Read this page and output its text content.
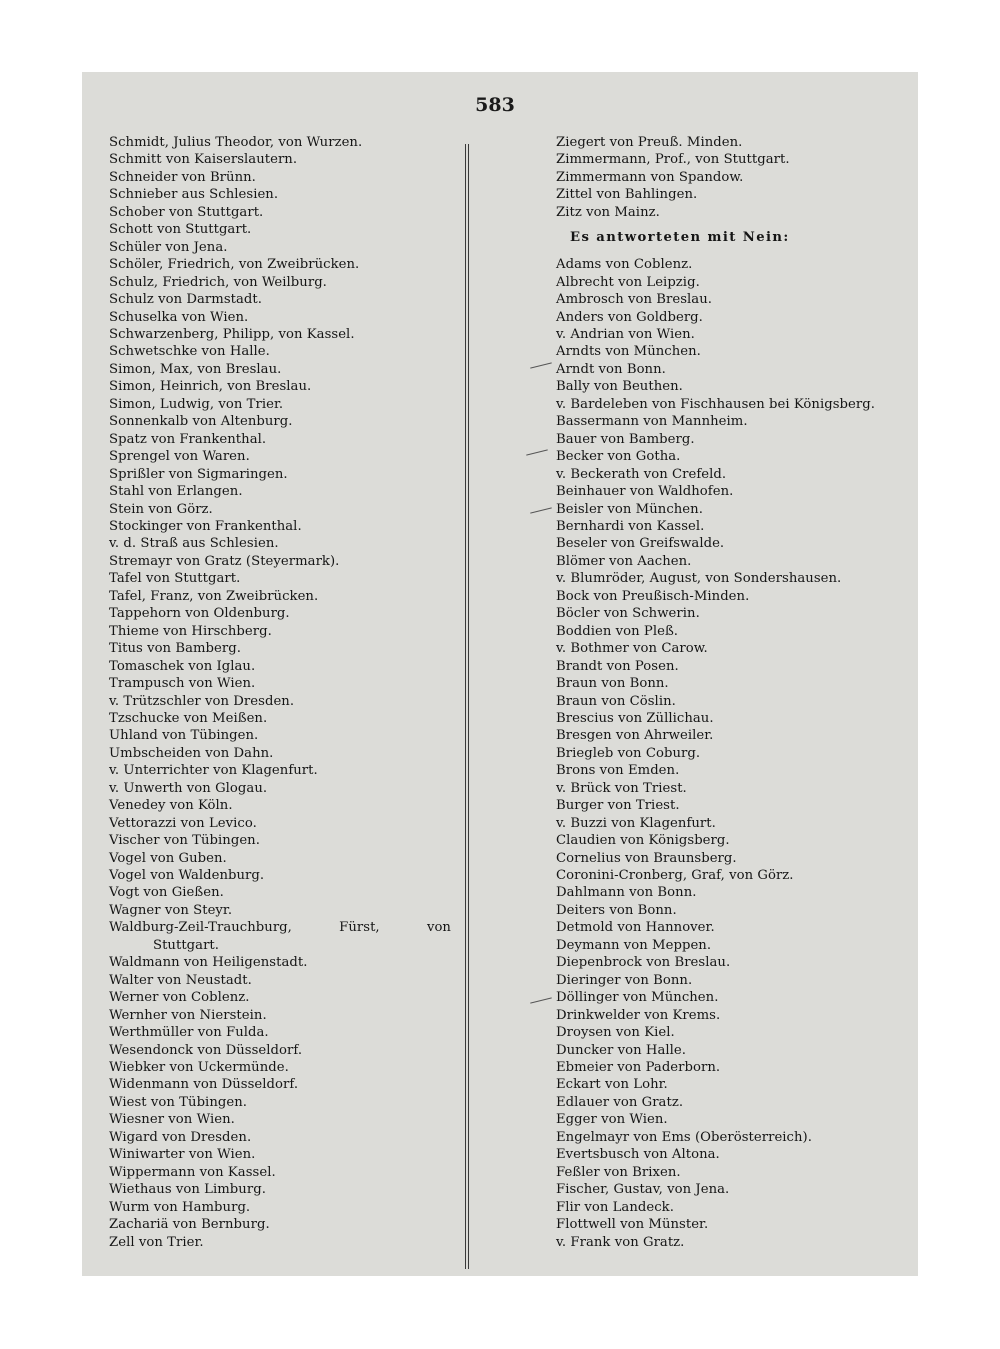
583
Schmidt, Julius Theodor, von Wurzen.
Schmitt von Kaiserslautern.
Schneider von Brünn.
Schnieber aus Schlesien.
Schober von Stuttgart.
Schott von Stuttgart.
Schüler von Jena.
Schöler, Friedrich, von Zweibrücken.
Schulz, Friedrich, von Weilburg.
Schulz von Darmstadt.
Schuselka von Wien.
Schwarzenberg, Philipp, von Kassel.
Schwetschke von Halle.
Simon, Max, von Breslau.
Simon, Heinrich, von Breslau.
Simon, Ludwig, von Trier.
Sonnenkalb von Altenburg.
Spatz von Frankenthal.
Sprengel von Waren.
Sprißler von Sigmaringen.
Stahl von Erlangen.
Stein von Görz.
Stockinger von Frankenthal.
v. d. Straß aus Schlesien.
Stremayr von Gratz (Steyermark).
Tafel von Stuttgart.
Tafel, Franz, von Zweibrücken.
Tappehorn von Oldenburg.
Thieme von Hirschberg.
Titus von Bamberg.
Tomaschek von Iglau.
Trampusch von Wien.
v. Trützschler von Dresden.
Tzschucke von Meißen.
Uhland von Tübingen.
Umbscheiden von Dahn.
v. Unterrichter von Klagenfurt.
v. Unwerth von Glogau.
Venedey von Köln.
Vettorazzi von Levico.
Vischer von Tübingen.
Vogel von Guben.
Vogel von Waldenburg.
Vogt von Gießen.
Wagner von Steyr.
Waldburg-Zeil-Trauchburg,	Fürst,	von
Stuttgart.
Waldmann von Heiligenstadt.
Walter von Neustadt.
Werner von Coblenz.
Wernher von Nierstein.
Werthmüller von Fulda.
Wesendonck von Düsseldorf.
Wiebker von Uckermünde.
Widenmann von Düsseldorf.
Wiest von Tübingen.
Wiesner von Wien.
Wigard von Dresden.
Winiwarter von Wien.
Wippermann von Kassel.
Wiethaus von Limburg.
Wurm von Hamburg.
Zachariä von Bernburg.
Zell von Trier.
Ziegert von Preuß. Minden.
Zimmermann, Prof., von Stuttgart.
Zimmermann von Spandow.
Zittel von Bahlingen.
Zitz von Mainz.
Es antworteten mit Nein:
Adams von Coblenz.
Albrecht von Leipzig.
Ambrosch von Breslau.
Anders von Goldberg.
v. Andrian von Wien.
Arndts von München.
Arndt von Bonn.
Bally von Beuthen.
v. Bardeleben von Fischhausen bei Königsberg.
Bassermann von Mannheim.
Bauer von Bamberg.
Becker von Gotha.
v. Beckerath von Crefeld.
Beinhauer von Waldhofen.
Beisler von München.
Bernhardi von Kassel.
Beseler von Greifswalde.
Blömer von Aachen.
v. Blumröder, August, von Sondershausen.
Bock von Preußisch-Minden.
Böcler von Schwerin.
Boddien von Pleß.
v. Bothmer von Carow.
Brandt von Posen.
Braun von Bonn.
Braun von Cöslin.
Brescius von Züllichau.
Bresgen von Ahrweiler.
Briegleb von Coburg.
Brons von Emden.
v. Brück von Triest.
Burger von Triest.
v. Buzzi von Klagenfurt.
Claudien von Königsberg.
Cornelius von Braunsberg.
Coronini-Cronberg, Graf, von Görz.
Dahlmann von Bonn.
Deiters von Bonn.
Detmold von Hannover.
Deymann von Meppen.
Diepenbrock von Breslau.
Dieringer von Bonn.
Döllinger von München.
Drinkwelder von Krems.
Droysen von Kiel.
Duncker von Halle.
Ebmeier von Paderborn.
Eckart von Lohr.
Edlauer von Gratz.
Egger von Wien.
Engelmayr von Ems (Oberösterreich).
Evertsbusch von Altona.
Feßler von Brixen.
Fischer, Gustav, von Jena.
Flir von Landeck.
Flottwell von Münster.
v. Frank von Gratz.
